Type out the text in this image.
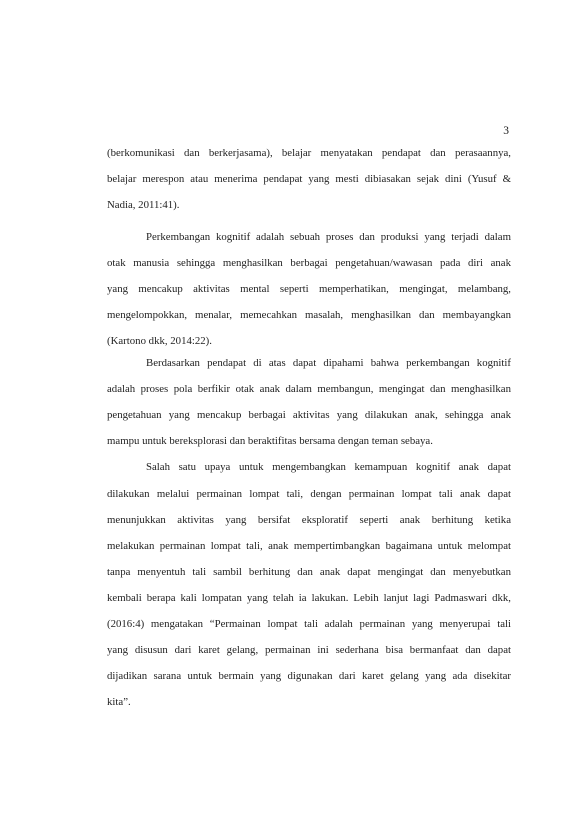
3
(berkomunikasi dan berkerjasama), belajar menyatakan pendapat dan perasaannya,
belajar merespon atau menerima pendapat yang mesti dibiasakan sejak dini (Yusuf &
Nadia, 2011:41).
Perkembangan kognitif adalah sebuah proses dan produksi yang terjadi dalam
otak manusia sehingga menghasilkan berbagai pengetahuan/wawasan pada diri anak
yang mencakup aktivitas mental seperti memperhatikan, mengingat, melambang,
mengelompokkan, menalar, memecahkan masalah, menghasilkan dan membayangkan
(Kartono dkk, 2014:22).
Berdasarkan pendapat di atas dapat dipahami bahwa perkembangan kognitif
adalah proses pola berfikir otak anak dalam membangun, mengingat dan menghasilkan
pengetahuan yang mencakup berbagai aktivitas yang dilakukan anak, sehingga anak
mampu untuk bereksplorasi dan beraktifitas bersama dengan teman sebaya.
Salah satu upaya untuk mengembangkan kemampuan kognitif anak dapat
dilakukan melalui permainan lompat tali, dengan permainan lompat tali anak dapat
menunjukkan aktivitas yang bersifat eksploratif seperti anak berhitung ketika
melakukan permainan lompat tali, anak mempertimbangkan bagaimana untuk melompat
tanpa menyentuh tali sambil berhitung dan anak dapat mengingat dan menyebutkan
kembali berapa kali lompatan yang telah ia lakukan. Lebih lanjut lagi Padmaswari dkk,
(2016:4) mengatakan “Permainan lompat tali adalah permainan yang menyerupai tali
yang disusun dari karet gelang, permainan ini sederhana bisa bermanfaat dan dapat
dijadikan sarana untuk bermain yang digunakan dari karet gelang yang ada disekitar
kita”.
